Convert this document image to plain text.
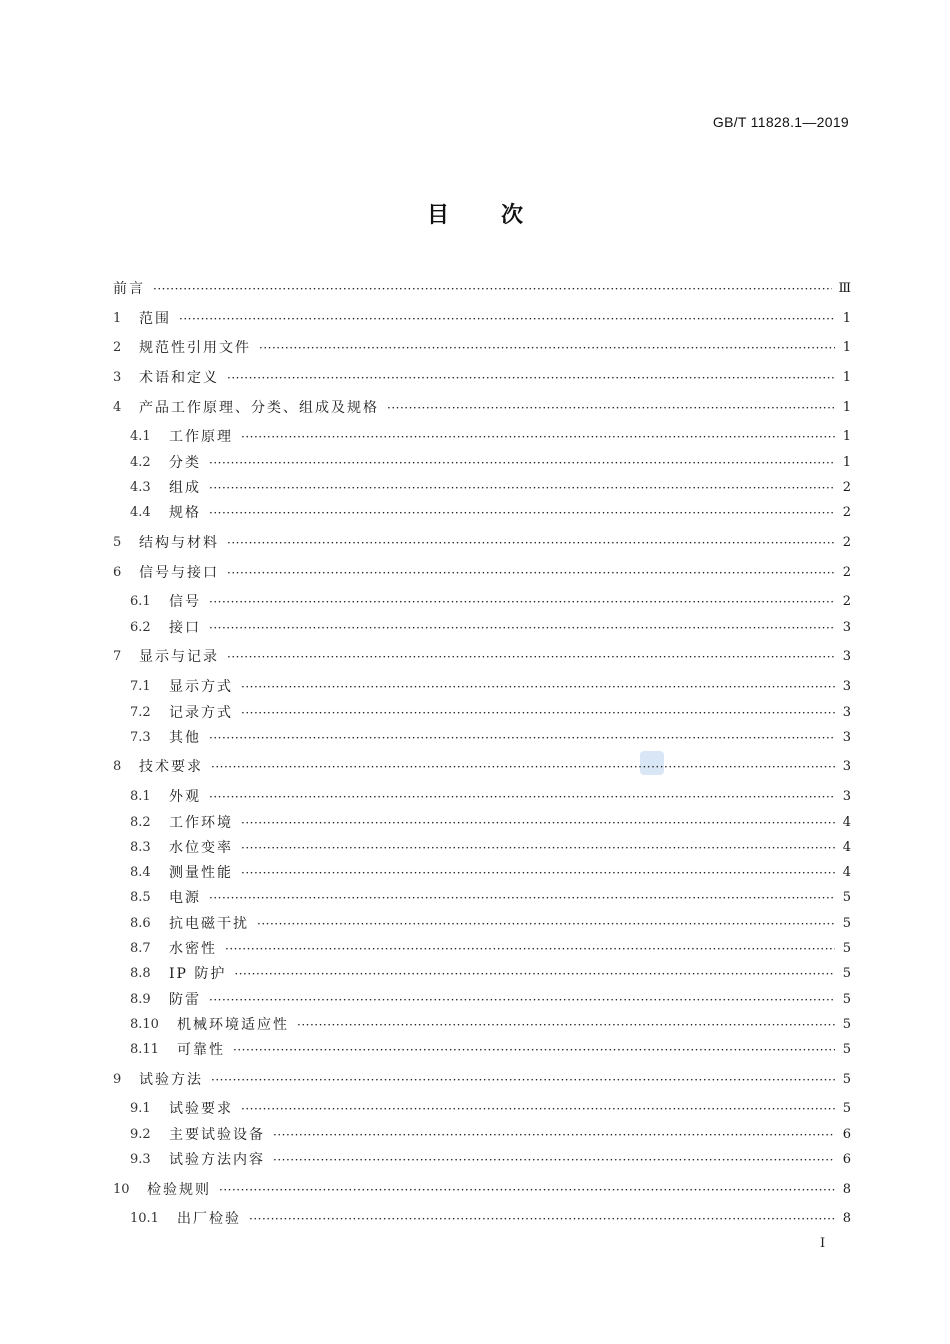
GB/T 11828.1—2019
目次
前言 ·····	Ⅲ
1	范围 ·····	1
2	规范性引用文件 ·····	1
3	术语和定义 ·····	1
4	产品工作原理、分类、组成及规格 ·····	1
4.1	工作原理 ·····	1
4.2	分类 ·····	1
4.3	组成 ·····	2
4.4	规格 ·····	2
5	结构与材料 ·····	2
6	信号与接口 ·····	2
6.1	信号 ·····	2
6.2	接口 ·····	3
7	显示与记录 ·····	3
7.1	显示方式 ·····	3
7.2	记录方式 ·····	3
7.3	其他 ·····	3
8	技术要求 ·····	3
8.1	外观 ·····	3
8.2	工作环境 ·····	4
8.3	水位变率 ·····	4
8.4	测量性能 ·····	4
8.5	电源 ·····	5
8.6	抗电磁干扰 ·····	5
8.7	水密性 ·····	5
8.8	IP 防护 ·····	5
8.9	防雷 ·····	5
8.10	机械环境适应性 ·····	5
8.11	可靠性 ·····	5
9	试验方法 ·····	5
9.1	试验要求 ·····	5
9.2	主要试验设备 ·····	6
9.3	试验方法内容 ·····	6
10	检验规则 ·····	8
10.1	出厂检验 ·····	8
I
